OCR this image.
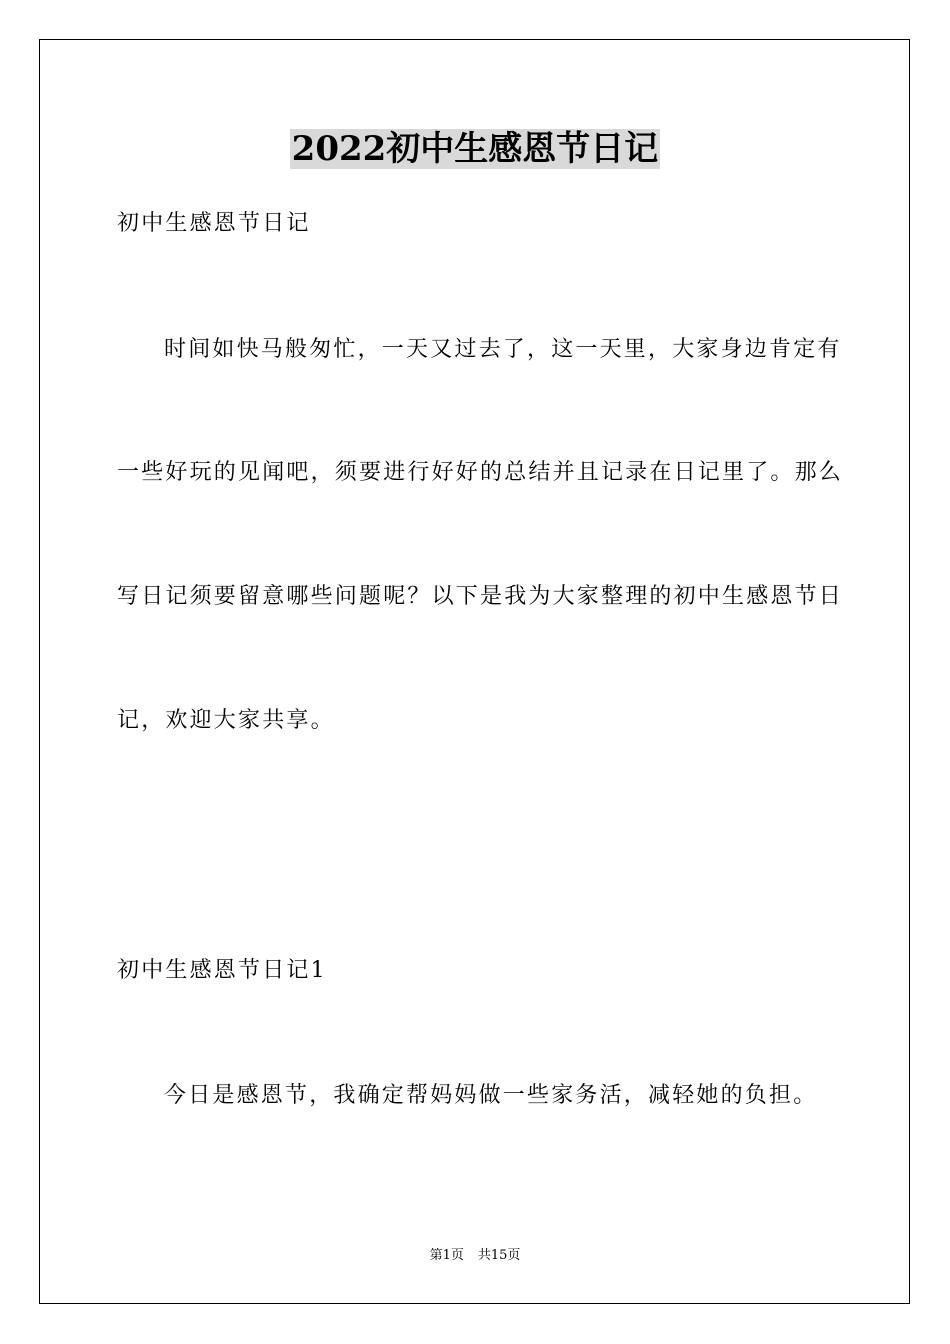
2022初中生感恩节日记
初中生感恩节日记
时间如快马般匆忙，一天又过去了，这一天里，大家身边肯定有
一些好玩的见闻吧，须要进行好好的总结并且记录在日记里了。那么
写日记须要留意哪些问题呢？以下是我为大家整理的初中生感恩节日
记，欢迎大家共享。
初中生感恩节日记1
今日是感恩节，我确定帮妈妈做一些家务活，减轻她的负担。
第1页 共15页
